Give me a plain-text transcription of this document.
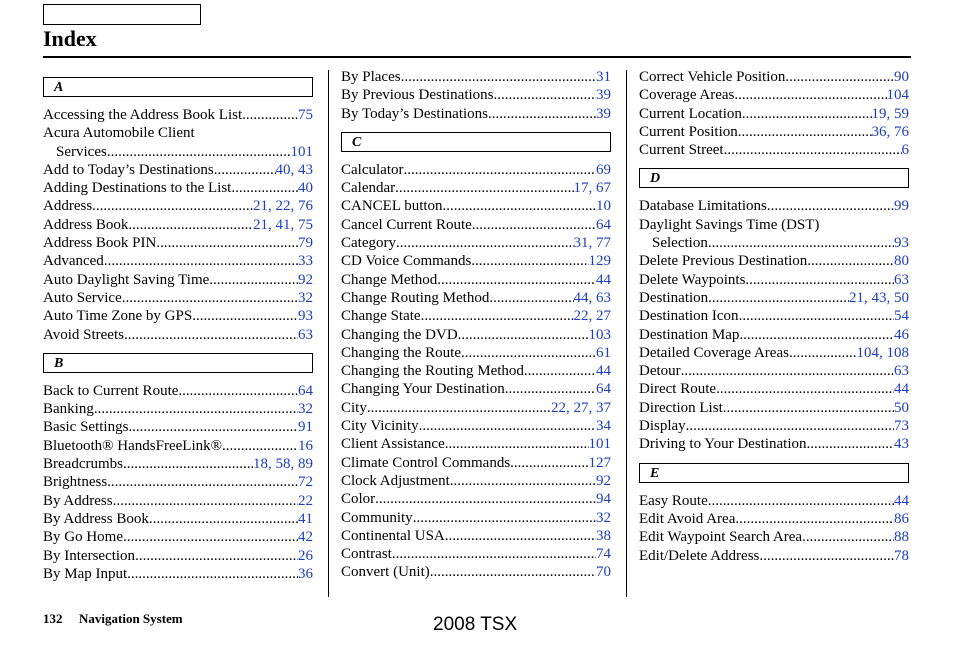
Index
A
Accessing the Address Book List .....	75
Acura Automobile Client
Services .....	101
Add to Today’s Destinations .....	40, 43
Adding Destinations to the List .....	40
Address .....	21, 22, 76
Address Book .....	21, 41, 75
Address Book PIN .....	79
Advanced .....	33
Auto Daylight Saving Time .....	92
Auto Service .....	32
Auto Time Zone by GPS .....	93
Avoid Streets .....	63
B
Back to Current Route .....	64
Banking .....	32
Basic Settings .....	91
Bluetooth® HandsFreeLink® .....	16
Breadcrumbs .....	18, 58, 89
Brightness .....	72
By Address .....	22
By Address Book .....	41
By Go Home .....	42
By Intersection .....	26
By Map Input .....	36
By Places .....	31
By Previous Destinations .....	39
By Today’s Destinations .....	39
C
Calculator .....	69
Calendar .....	17, 67
CANCEL button .....	10
Cancel Current Route .....	64
Category .....	31, 77
CD Voice Commands .....	129
Change Method .....	44
Change Routing Method .....	44, 63
Change State .....	22, 27
Changing the DVD .....	103
Changing the Route .....	61
Changing the Routing Method .....	44
Changing Your Destination .....	64
City .....	22, 27, 37
City Vicinity .....	34
Client Assistance .....	101
Climate Control Commands .....	127
Clock Adjustment .....	92
Color .....	94
Community .....	32
Continental USA .....	38
Contrast .....	74
Convert (Unit) .....	70
Correct Vehicle Position .....	90
Coverage Areas .....	104
Current Location .....	19, 59
Current Position .....	36, 76
Current Street .....	6
D
Database Limitations .....	99
Daylight Savings Time (DST)
Selection .....	93
Delete Previous Destination .....	80
Delete Waypoints .....	63
Destination .....	21, 43, 50
Destination Icon .....	54
Destination Map .....	46
Detailed Coverage Areas .....	104, 108
Detour .....	63
Direct Route .....	44
Direction List .....	50
Display .....	73
Driving to Your Destination .....	43
E
Easy Route .....	44
Edit Avoid Area .....	86
Edit Waypoint Search Area .....	88
Edit/Delete Address .....	78
132 Navigation System	2008 TSX
